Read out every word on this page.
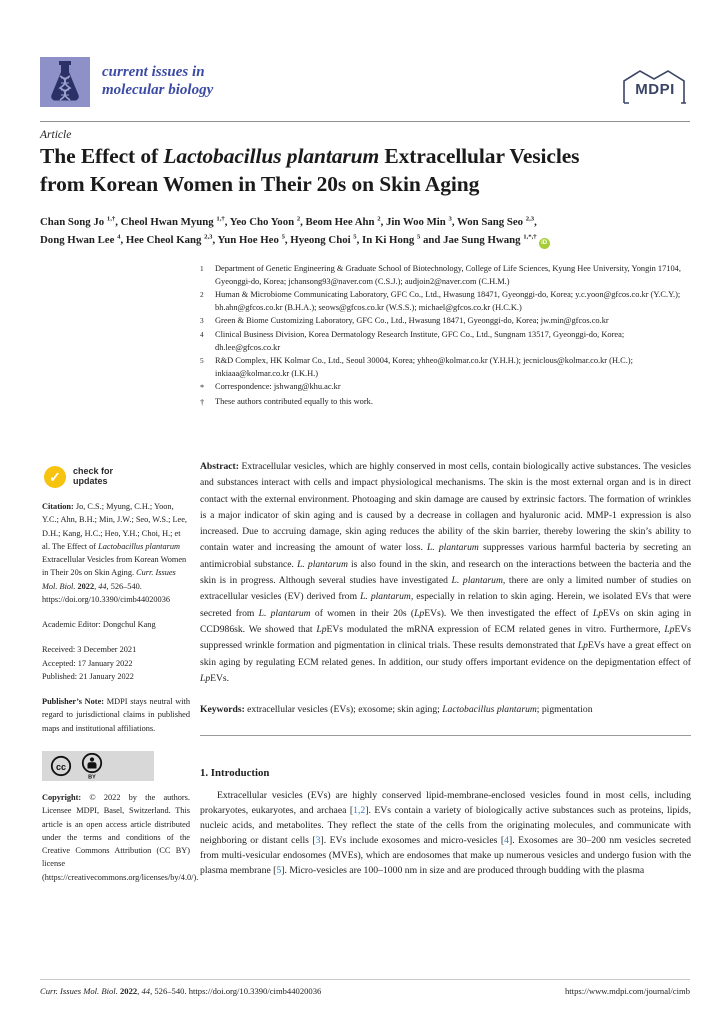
current issues in
molecular biology	MDPI
Article
The Effect of Lactobacillus plantarum Extracellular Vesicles
from Korean Women in Their 20s on Skin Aging

Chan Song Jo $^{1,\dagger}$, Cheol Hwan Myung $^{1,\dagger}$, Yeo Cho Yoon $^2$, Beom Hee Ahn $^2$, Jin Woo Min $^3$, Won Sang Seo $^{2,3}$,
Dong Hwan Lee $^4$, Hee Cheol Kang $^{2,3}$, Yun Hoe Heo $^5$, Hyeong Choi $^5$, In Ki Hong $^5$ and Jae Sung Hwang $^{1,*,\dagger}$iD

1	Department of Genetic Engineering & Graduate School of Biotechnology, College of Life Sciences, Kyung Hee University, Yongin 17104, Gyeonggi-do, Korea; jchansong93@naver.com (C.S.J.); audjoin2@naver.com (C.H.M.)
2	Human & Microbiome Communicating Laboratory, GFC Co., Ltd., Hwasung 18471, Gyeonggi-do, Korea; y.c.yoon@gfcos.co.kr (Y.C.Y.); bh.ahn@gfcos.co.kr (B.H.A.); seows@gfcos.co.kr (W.S.S.); michael@gfcos.co.kr (H.C.K.)
3	Green & Biome Customizing Laboratory, GFC Co., Ltd., Hwasung 18471, Gyeonggi-do, Korea; jw.min@gfcos.co.kr
4	Clinical Business Division, Korea Dermatology Research Institute, GFC Co., Ltd., Sungnam 13517, Gyeonggi-do, Korea; dh.lee@gfcos.co.kr
5	R&D Complex, HK Kolmar Co., Ltd., Seoul 30004, Korea; yhheo@kolmar.co.kr (Y.H.H.); jecniclous@kolmar.co.kr (H.C.); inkiaaa@kolmar.co.kr (I.K.H.)
*	Correspondence: jshwang@khu.ac.kr
†	These authors contributed equally to this work.
✓	check for
updates

Citation: Jo, C.S.; Myung, C.H.; Yoon, Y.C.; Ahn, B.H.; Min, J.W.; Seo, W.S.; Lee, D.H.; Kang, H.C.; Heo, Y.H.; Choi, H.; et al. The Effect of Lactobacillus plantarum Extracellular Vesicles from Korean Women in Their 20s on Skin Aging. Curr. Issues Mol. Biol. 2022, 44, 526–540. https://doi.org/10.3390/cimb44020036

Academic Editor: Dongchul Kang

Received: 3 December 2021

Accepted: 17 January 2022

Published: 21 January 2022

Publisher’s Note: MDPI stays neutral with regard to jurisdictional claims in published maps and institutional affiliations.

cc
BY

Copyright: © 2022 by the authors. Licensee MDPI, Basel, Switzerland. This article is an open access article distributed under the terms and conditions of the Creative Commons Attribution (CC BY) license (https://creativecommons.org/licenses/by/4.0/).

Abstract: Extracellular vesicles, which are highly conserved in most cells, contain biologically active substances. The vesicles and substances interact with cells and impact physiological mechanisms. The skin is the most external organ and is in direct contact with the external environment. Photoaging and skin damage are caused by extrinsic factors. The formation of wrinkles is a major indicator of skin aging and is caused by a decrease in collagen and hyaluronic acid. MMP-1 expression is also increased. Due to accruing damage, skin aging reduces the ability of the skin barrier, thereby lowering the skin’s ability to contain water and increasing the amount of water loss. L. plantarum suppresses various harmful bacteria by secreting an antimicrobial substance. L. plantarum is also found in the skin, and research on the interactions between the bacteria and the skin is in progress. Although several studies have investigated L. plantarum, there are only a limited number of studies on extracellular vesicles (EV) derived from L. plantarum, especially in relation to skin aging. Herein, we isolated EVs that were secreted from L. plantarum of women in their 20s (LpEVs). We then investigated the effect of LpEVs on skin aging in CCD986sk. We showed that LpEVs modulated the mRNA expression of ECM related genes in vitro. Furthermore, LpEVs suppressed wrinkle formation and pigmentation in clinical trials. These results demonstrated that LpEVs have a great effect on skin aging by regulating ECM related genes. In addition, our study offers important evidence on the depigmentation effect of LpEVs.

Keywords: extracellular vesicles (EVs); exosome; skin aging; Lactobacillus plantarum; pigmentation

1. Introduction

Extracellular vesicles (EVs) are highly conserved lipid-membrane-enclosed vesicles found in most cells, including prokaryotes, eukaryotes, and archaea [1,2]. EVs contain a variety of biologically active substances such as proteins, lipids, nucleic acids, and metabolites. They reflect the state of the cells from the originating molecules, and communicate with neighboring or distant cells [3]. EVs include exosomes and micro-vesicles [4]. Exosomes are 30–200 nm vesicles secreted from multi-vesicular endosomes (MVEs), which are endosomes that make up numerous vesicles and undergo fusion with the plasma membrane [5]. Micro-vesicles are 100–1000 nm in size and are produced through budding with the plasma

Curr. Issues Mol. Biol. 2022, 44, 526–540. https://doi.org/10.3390/cimb44020036	https://www.mdpi.com/journal/cimb
